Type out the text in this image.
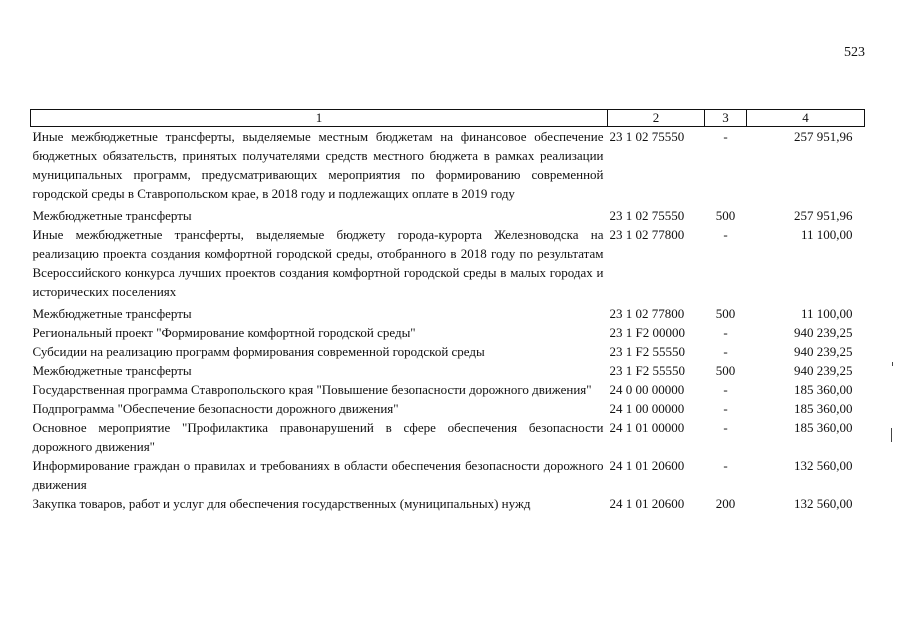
523
1	2	3	4
Иные межбюджетные трансферты, выделяемые местным бюджетам на финансовое обеспечение бюджетных обязательств, принятых получателями средств местного бюджета в рамках реализации муниципальных программ, предусматривающих мероприятия по формированию современной городской среды в Ставропольском крае, в 2018 году и подлежащих оплате в 2019 году	23 1 02 75550	-	257 951,96
Межбюджетные трансферты	23 1 02 75550	500	257 951,96
Иные межбюджетные трансферты, выделяемые бюджету города-курорта Железноводска на реализацию проекта создания комфортной городской среды, отобранного в 2018 году по результатам Всероссийского конкурса лучших проектов создания комфортной городской среды в малых городах и исторических поселениях	23 1 02 77800	-	11 100,00
Межбюджетные трансферты	23 1 02 77800	500	11 100,00
Региональный проект "Формирование комфортной городской среды"	23 1 F2 00000	-	940 239,25
Субсидии на реализацию программ формирования современной городской среды	23 1 F2 55550	-	940 239,25
Межбюджетные трансферты	23 1 F2 55550	500	940 239,25
Государственная программа Ставропольского края "Повышение безопасности дорожного движения"	24 0 00 00000	-	185 360,00
Подпрограмма "Обеспечение безопасности дорожного движения"	24 1 00 00000	-	185 360,00
Основное мероприятие "Профилактика правонарушений в сфере обеспечения безопасности дорожного движения"	24 1 01 00000	-	185 360,00
Информирование граждан о правилах и требованиях в области обеспечения безопасности дорожного движения	24 1 01 20600	-	132 560,00
Закупка товаров, работ и услуг для обеспечения государственных (муниципальных) нужд	24 1 01 20600	200	132 560,00
